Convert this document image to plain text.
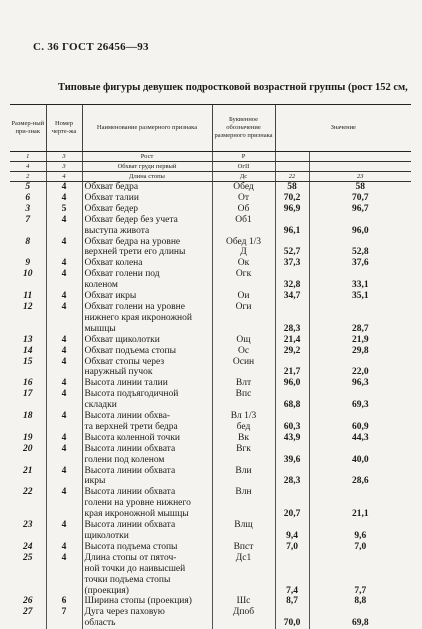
С. 36 ГОСТ 26456—93
Типовые фигуры девушек подростковой возрастной группы (рост 152 см,
Размер-ный при-знак	Номер черте-жа	Наименование размерного признака	Буквенное обозначение размерного признака	Значение	
1	3	Рост	Р		
4	3	Обхват груди первый	ОгII		
2	4	Длина стопы	Дс	22	23
5	4	Обхват бедра	Обед	58	58
6	4	Обхват талии	От	70,2	70,7
3	5	Обхват бедер	Об	96,9	96,7
7	4	Обхват бедер без учета	Об1		
		выступа живота		96,1	96,0
8	4	Обхват бедра на уровне	Обед 1/3		
		верхней трети его длины	Д	52,7	52,8
9	4	Обхват колена	Ок	37,3	37,6
10	4	Обхват голени под	Огк		
		коленом		32,8	33,1
11	4	Обхват икры	Ои	34,7	35,1
12	4	Обхват голени на уровне	Оги		
		нижнего края икроножной			
		мышцы		28,3	28,7
13	4	Обхват щиколотки	Ощ	21,4	21,9
14	4	Обхват подъема стопы	Ос	29,2	29,8
15	4	Обхват стопы через	Осин		
		наружный пучок		21,7	22,0
16	4	Высота линии талии	Влт	96,0	96,3
17	4	Высота подъягодичной	Впс		
		складки		68,8	69,3
18	4	Высота линии обхва-	Вл 1/3		
		та верхней трети бедра	бед	60,3	60,9
19	4	Высота коленной точки	Вк	43,9	44,3
20	4	Высота линии обхвата	Вгк		
		голени под коленом		39,6	40,0
21	4	Высота линии обхвата	Вли		
		икры		28,3	28,6
22	4	Высота линии обхвата	Влн		
		голени на уровне нижнего			
		края икроножной мышцы		20,7	21,1
23	4	Высота линии обхвата	Влщ		
		щиколотки		9,4	9,6
24	4	Высота подъема стопы	Впст	7,0	7,0
25	4	Длина стопы от пяточ-	Дс1		
		ной точки до наивысшей			
		точки подъема стопы			
		(проекция)		7,4	7,7
26	6	Ширина стопы (проекция)	Шс	8,7	8,8
27	7	Дуга через паховую	Дпоб		
		область		70,0	69,8
